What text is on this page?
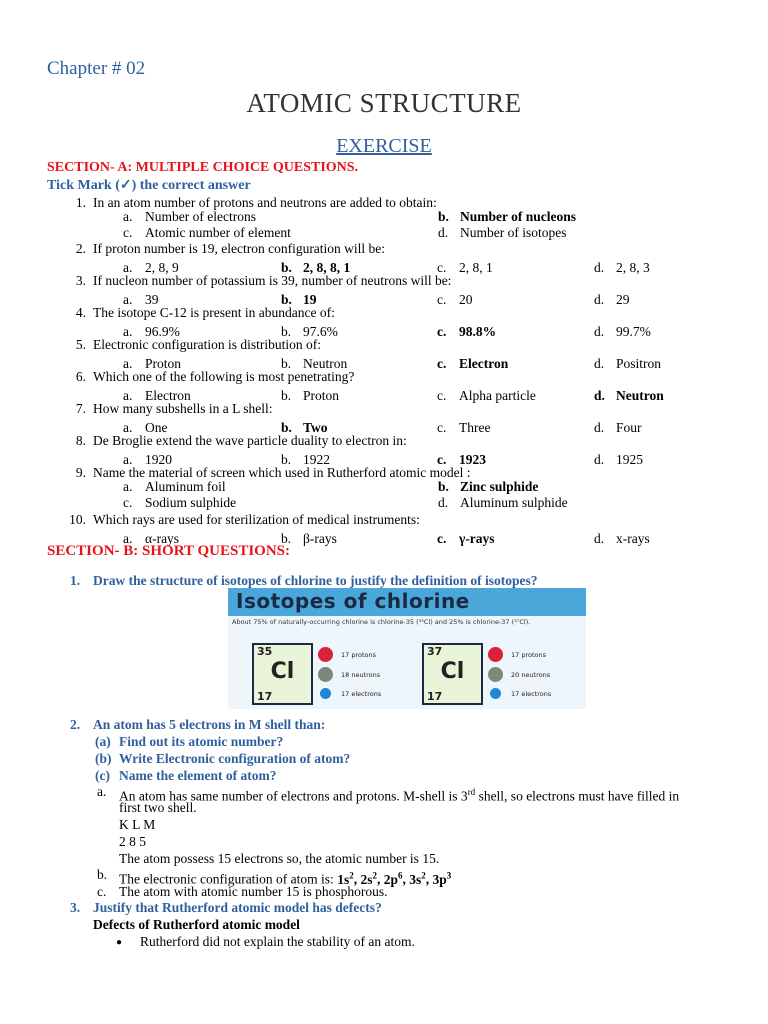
Chapter # 02
ATOMIC STRUCTURE
EXERCISE
SECTION- A: MULTIPLE CHOICE QUESTIONS.
Tick Mark (✓) the correct answer
1. In an atom number of protons and neutrons are added to obtain:
a. Number of electrons	b. Number of nucleons
c. Atomic number of element	d. Number of isotopes
2. If proton number is 19, electron configuration will be:
a. 2, 8, 9	b. 2, 8, 8, 1	c. 2, 8, 1	d. 2, 8, 3
3. If nucleon number of potassium is 39, number of neutrons will be:
a. 39	b. 19	c. 20	d. 29
4. The isotope C-12 is present in abundance of:
a. 96.9%	b. 97.6%	c. 98.8%	d. 99.7%
5. Electronic configuration is distribution of:
a. Proton	b. Neutron	c. Electron	d. Positron
6. Which one of the following is most penetrating?
a. Electron	b. Proton	c. Alpha particle	d. Neutron
7. How many subshells in a L shell:
a. One	b. Two	c. Three	d. Four
8. De Broglie extend the wave particle duality to electron in:
a. 1920	b. 1922	c. 1923	d. 1925
9. Name the material of screen which used in Rutherford atomic model :
a. Aluminum foil	b. Zinc sulphide
c. Sodium sulphide	d. Aluminum sulphide
10. Which rays are used for sterilization of medical instruments:
a. α-rays	b. β-rays	c. γ-rays	d. x-rays
SECTION- B: SHORT QUESTIONS:
1. Draw the structure of isotopes of chlorine to justify the definition of isotopes?
Isotopes of chlorine
About 75% of naturally-occurring chlorine is chlorine-35 (³⁵Cl) and 25% is chlorine-37 (³⁷Cl).
35
Cl
17
17 protons
18 neutrons
17 electrons
37
Cl
17
17 protons
20 neutrons
17 electrons
2. An atom has 5 electrons in M shell than:
(a) Find out its atomic number?
(b) Write Electronic configuration of atom?
(c) Name the element of atom?
a. An atom has same number of electrons and protons. M-shell is 3rd shell, so electrons must have filled in
first two shell.
K L M
2 8 5
The atom possess 15 electrons so, the atomic number is 15.
b. The electronic configuration of atom is: $1s^2$, $2s^2$, $2p^6$, $3s^2$, $3p^3$
c. The atom with atomic number 15 is phosphorous.
3. Justify that Rutherford atomic model has defects?
Defects of Rutherford atomic model
● Rutherford did not explain the stability of an atom.
